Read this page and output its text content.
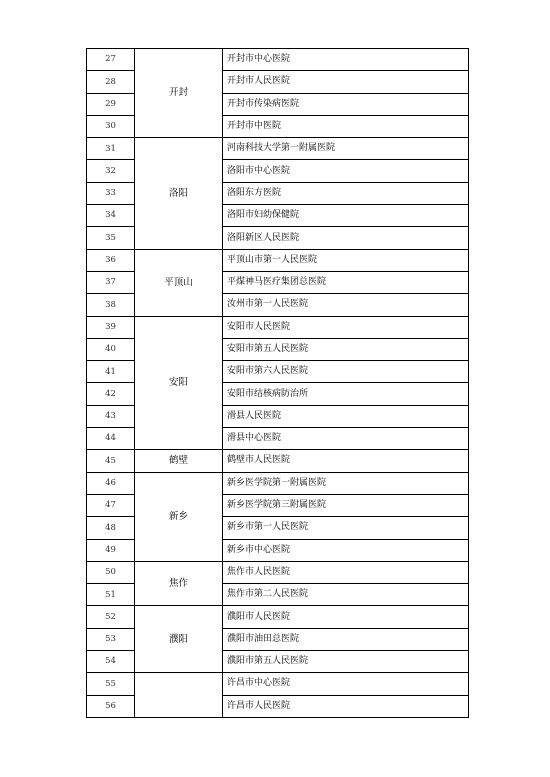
27	开封	开封市中心医院
28		开封市人民医院
29		开封市传染病医院
30		开封市中医院
31	洛阳	河南科技大学第一附属医院
32		洛阳市中心医院
33		洛阳东方医院
34		洛阳市妇幼保健院
35		洛阳新区人民医院
36	平顶山	平顶山市第一人民医院
37		平煤神马医疗集团总医院
38		汝州市第一人民医院
39	安阳	安阳市人民医院
40		安阳市第五人民医院
41		安阳市第六人民医院
42		安阳市结核病防治所
43		滑县人民医院
44		滑县中心医院
45	鹤壁	鹤壁市人民医院
46	新乡	新乡医学院第一附属医院
47		新乡医学院第三附属医院
48		新乡市第一人民医院
49		新乡市中心医院
50	焦作	焦作市人民医院
51		焦作市第二人民医院
52	濮阳	濮阳市人民医院
53		濮阳市油田总医院
54		濮阳市第五人民医院
55		许昌市中心医院
56		许昌市人民医院
